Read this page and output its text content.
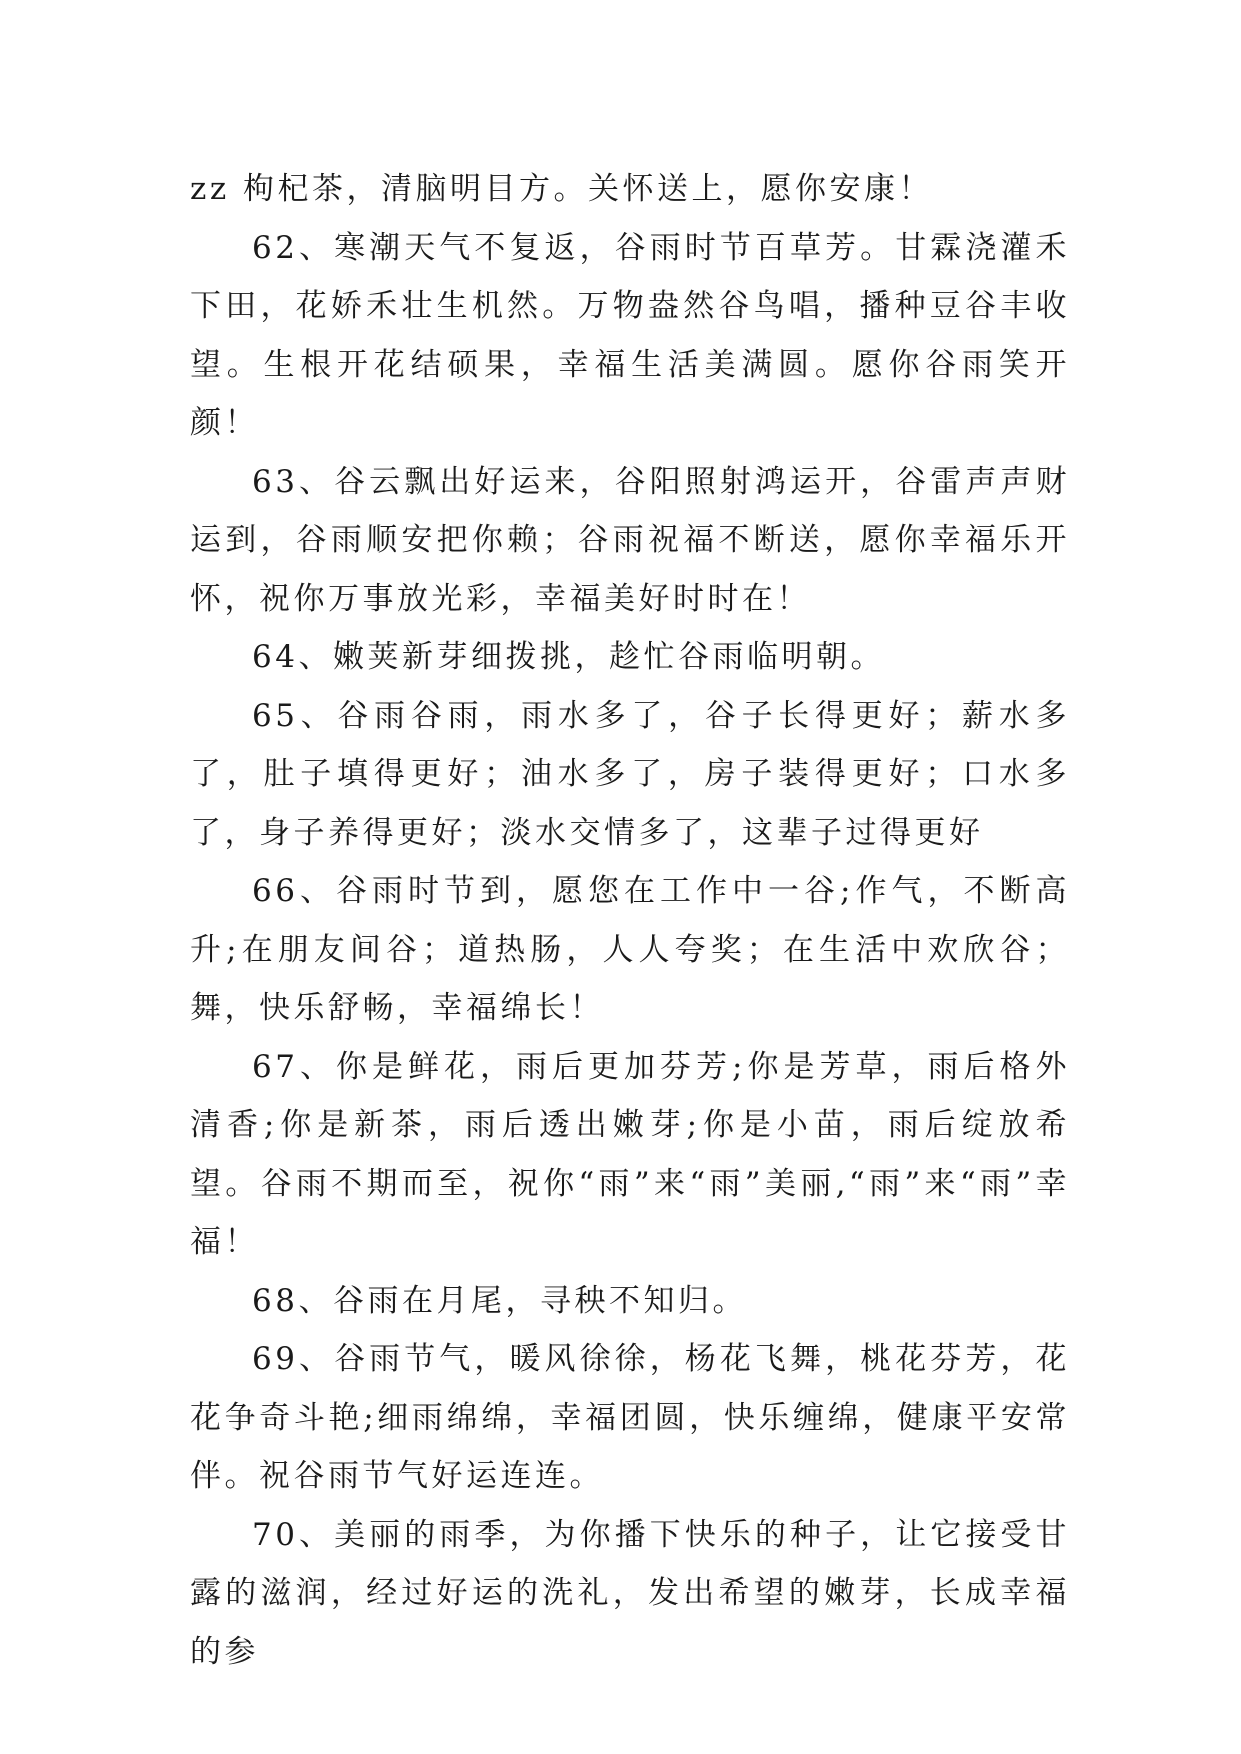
zz 枸杞茶，清脑明目方。关怀送上，愿你安康！

62、寒潮天气不复返，谷雨时节百草芳。甘霖浇灌禾下田，花娇禾壮生机然。万物盎然谷鸟唱，播种豆谷丰收望。生根开花结硕果，幸福生活美满圆。愿你谷雨笑开颜！

63、谷云飘出好运来，谷阳照射鸿运开，谷雷声声财运到，谷雨顺安把你赖；谷雨祝福不断送，愿你幸福乐开怀，祝你万事放光彩，幸福美好时时在！

64、嫩荚新芽细拨挑，趁忙谷雨临明朝。

65、谷雨谷雨，雨水多了，谷子长得更好；薪水多了，肚子填得更好；油水多了，房子装得更好；口水多了，身子养得更好；淡水交情多了，这辈子过得更好

66、谷雨时节到，愿您在工作中一谷;作气，不断高升;在朋友间谷；道热肠，人人夸奖；在生活中欢欣谷；舞，快乐舒畅，幸福绵长！

67、你是鲜花，雨后更加芬芳;你是芳草，雨后格外清香;你是新茶，雨后透出嫩芽;你是小苗，雨后绽放希望。谷雨不期而至，祝你“雨”来“雨”美丽,“雨”来“雨”幸福！

68、谷雨在月尾，寻秧不知归。

69、谷雨节气，暖风徐徐，杨花飞舞，桃花芬芳，花花争奇斗艳;细雨绵绵，幸福团圆，快乐缠绵，健康平安常伴。祝谷雨节气好运连连。

70、美丽的雨季，为你播下快乐的种子，让它接受甘露的滋润，经过好运的洗礼，发出希望的嫩芽，长成幸福的参
